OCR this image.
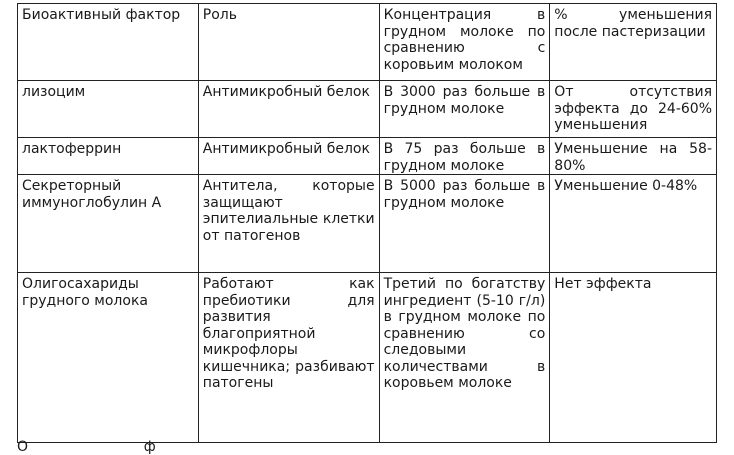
Биоактивный фактор	Роль	Концентрация в грудном молоке по сравнению с коровьим молоком	% уменьшения после пастеризации
лизоцим	Антимикробный белок	В 3000 раз больше в грудном молоке	От отсутствия эффекта до 24-60% уменьшения
лактоферрин	Антимикробный белок	В 75 раз больше в грудном молоке	Уменьшение на 58-80%
Секреторный иммуноглобулин А	Антитела, которые защищают эпителиальные клетки от патогенов	В 5000 раз больше в грудном молоке	Уменьшение 0-48%
Олигосахариды грудного молока	Работают как пребиотики для развития благоприятной микрофлоры кишечника; разбивают патогены	Третий по богатству ингредиент (5-10 г/л) в грудном молоке по сравнению со следовыми количествами в коровьем молоке	Нет эффекта
О                          ф
